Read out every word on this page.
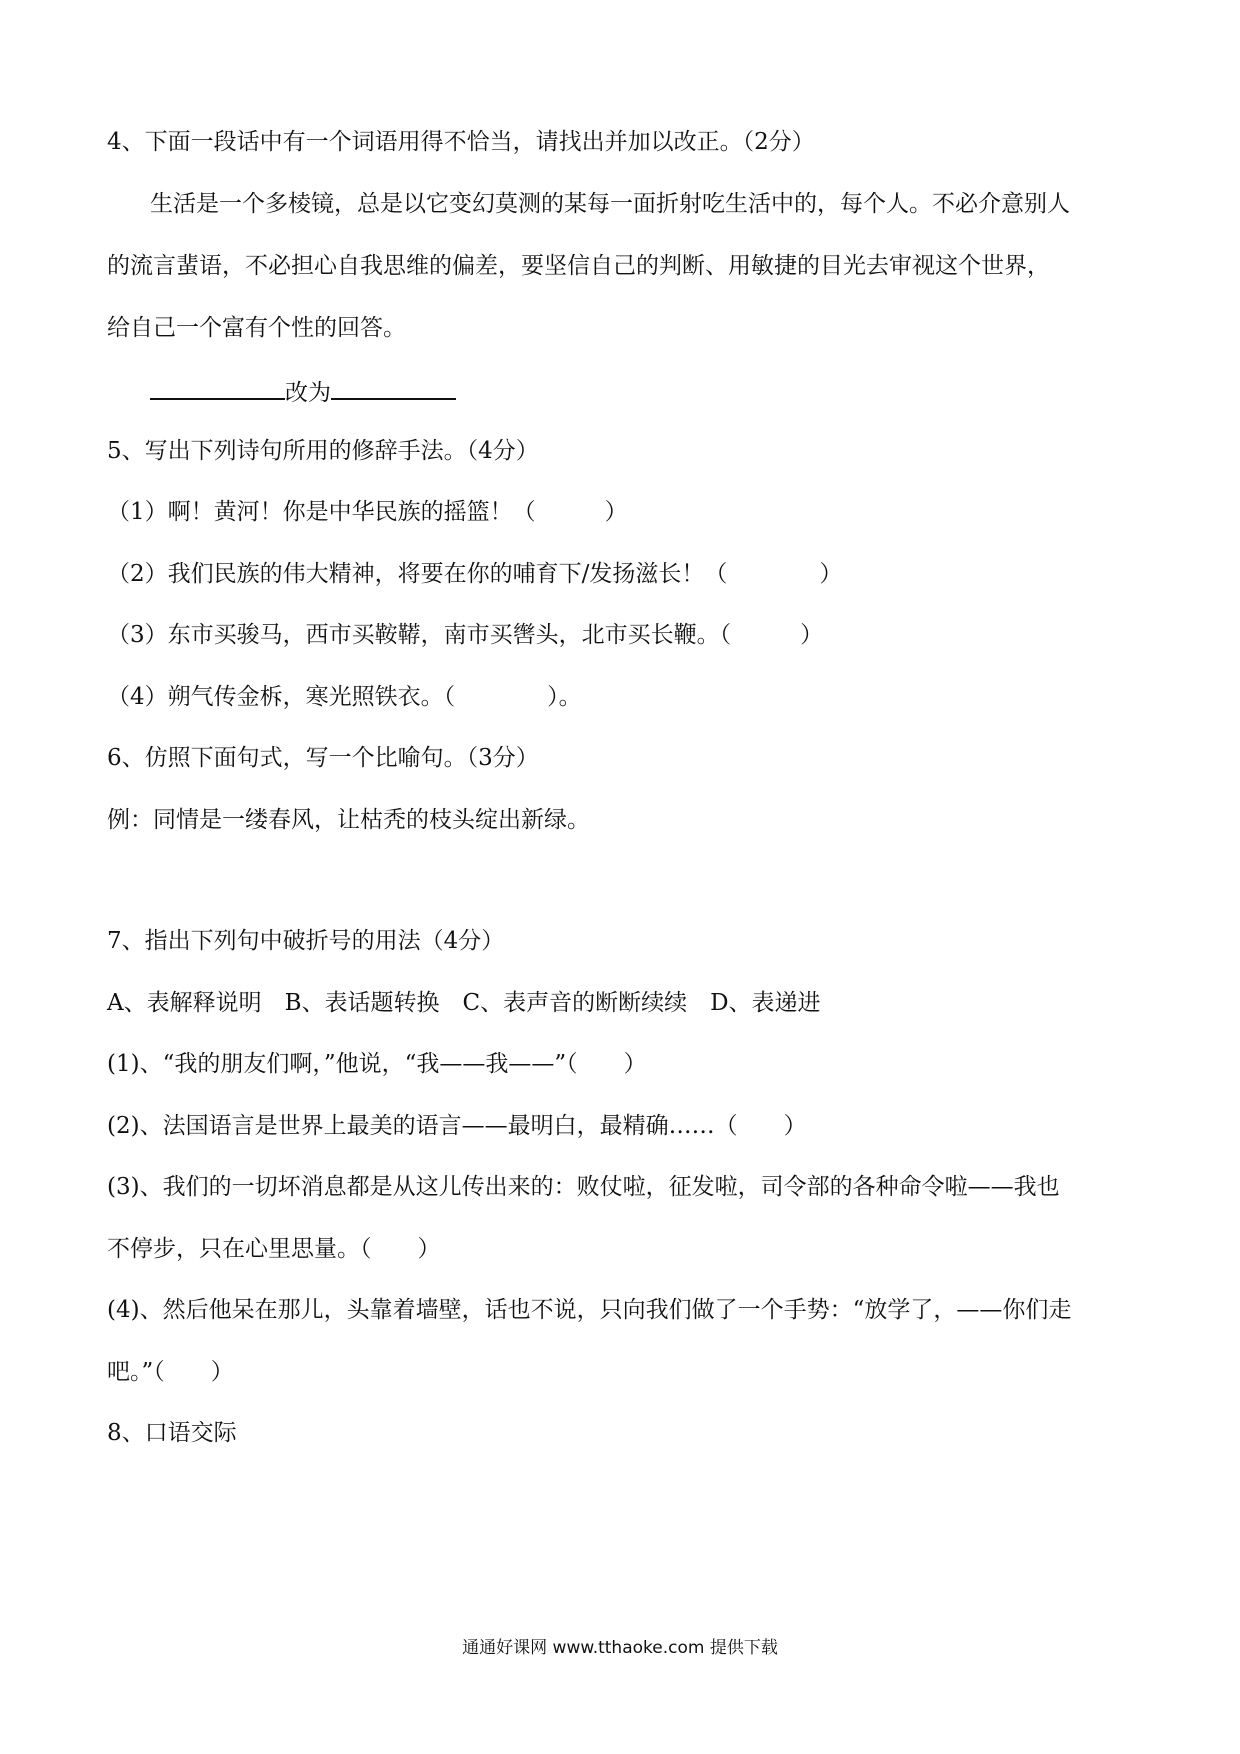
4、下面一段话中有一个词语用得不恰当，请找出并加以改正。（2分）
生活是一个多棱镜，总是以它变幻莫测的某每一面折射吃生活中的，每个人。不必介意别人
的流言蜚语，不必担心自我思维的偏差，要坚信自己的判断、用敏捷的目光去审视这个世界，
给自己一个富有个性的回答。
改为
5、写出下列诗句所用的修辞手法。（4分）
（1）啊！黄河！你是中华民族的摇篮！（　　　）
（2）我们民族的伟大精神，将要在你的哺育下/发扬滋长！（　　　　）
（3）东市买骏马，西市买鞍鞯，南市买辔头，北市买长鞭。（　　　）
（4）朔气传金柝，寒光照铁衣。（　　　　）。
6、仿照下面句式，写一个比喻句。（3分）
例：同情是一缕春风，让枯秃的枝头绽出新绿。
7、指出下列句中破折号的用法（4分）
A、表解释说明　B、表话题转换　C、表声音的断断续续　D、表递进
(1)、“我的朋友们啊，”他说，“我——我——”（　　）
(2)、法国语言是世界上最美的语言——最明白，最精确……（　　）
(3)、我们的一切坏消息都是从这儿传出来的：败仗啦，征发啦，司令部的各种命令啦——我也
不停步，只在心里思量。（　　）
(4)、然后他呆在那儿，头靠着墙壁，话也不说，只向我们做了一个手势：“放学了，——你们走
吧。”（　　）
8、口语交际
通通好课网 www.tthaoke.com 提供下载
